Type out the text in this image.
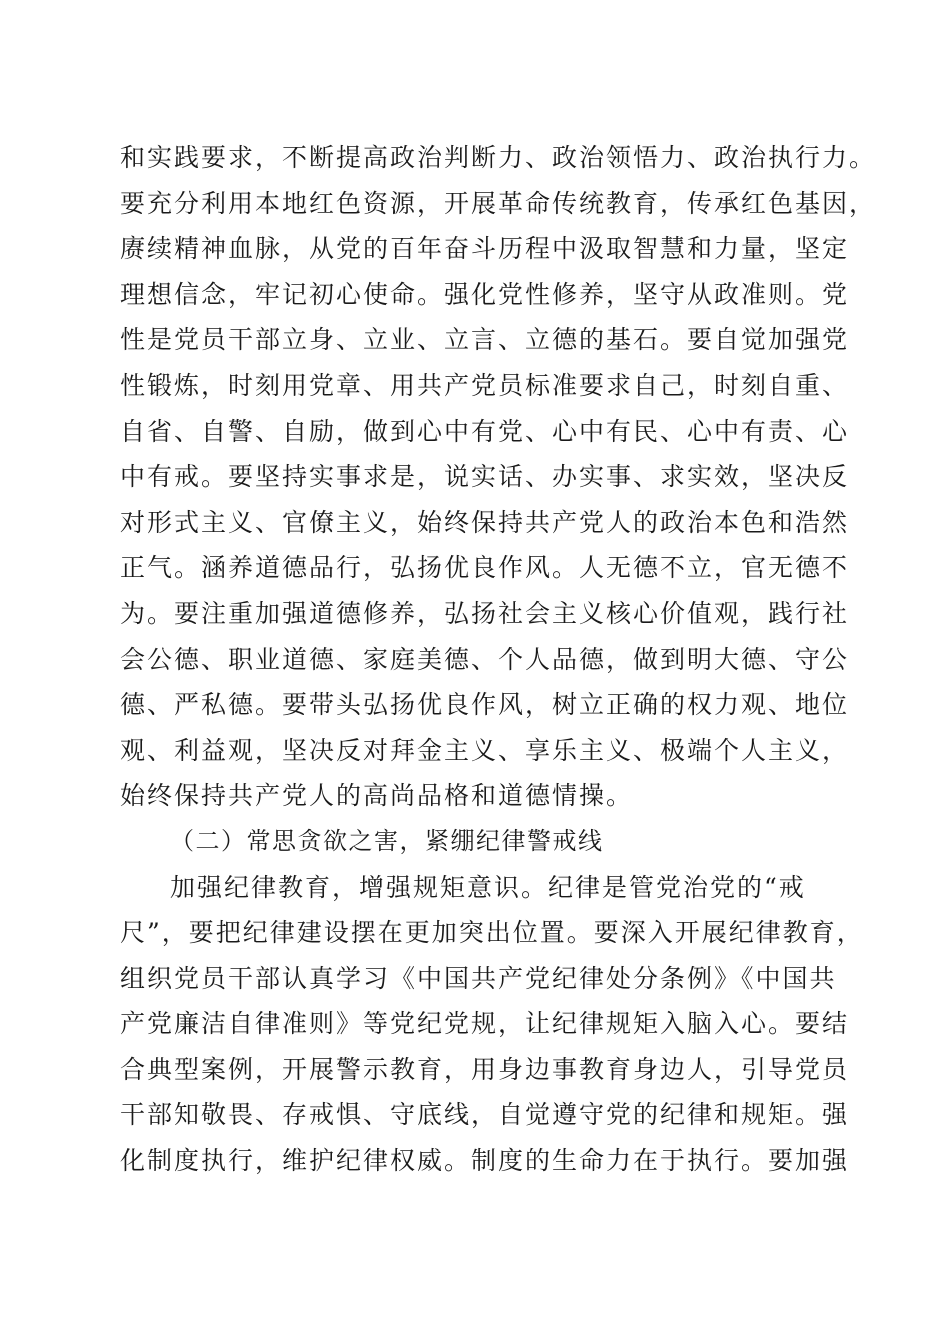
和实践要求，不断提高政治判断力、政治领悟力、政治执行力。
要充分利用本地红色资源，开展革命传统教育，传承红色基因，
赓续精神血脉，从党的百年奋斗历程中汲取智慧和力量，坚定
理想信念，牢记初心使命。强化党性修养，坚守从政准则。党
性是党员干部立身、立业、立言、立德的基石。要自觉加强党
性锻炼，时刻用党章、用共产党员标准要求自己，时刻自重、
自省、自警、自励，做到心中有党、心中有民、心中有责、心
中有戒。要坚持实事求是，说实话、办实事、求实效，坚决反
对形式主义、官僚主义，始终保持共产党人的政治本色和浩然
正气。涵养道德品行，弘扬优良作风。人无德不立，官无德不
为。要注重加强道德修养，弘扬社会主义核心价值观，践行社
会公德、职业道德、家庭美德、个人品德，做到明大德、守公
德、严私德。要带头弘扬优良作风，树立正确的权力观、地位
观、利益观，坚决反对拜金主义、享乐主义、极端个人主义，
始终保持共产党人的高尚品格和道德情操。
（二）常思贪欲之害，紧绷纪律警戒线
加强纪律教育，增强规矩意识。纪律是管党治党的“戒
尺”，要把纪律建设摆在更加突出位置。要深入开展纪律教育，
组织党员干部认真学习《中国共产党纪律处分条例》《中国共
产党廉洁自律准则》等党纪党规，让纪律规矩入脑入心。要结
合典型案例，开展警示教育，用身边事教育身边人，引导党员
干部知敬畏、存戒惧、守底线，自觉遵守党的纪律和规矩。强
化制度执行，维护纪律权威。制度的生命力在于执行。要加强
